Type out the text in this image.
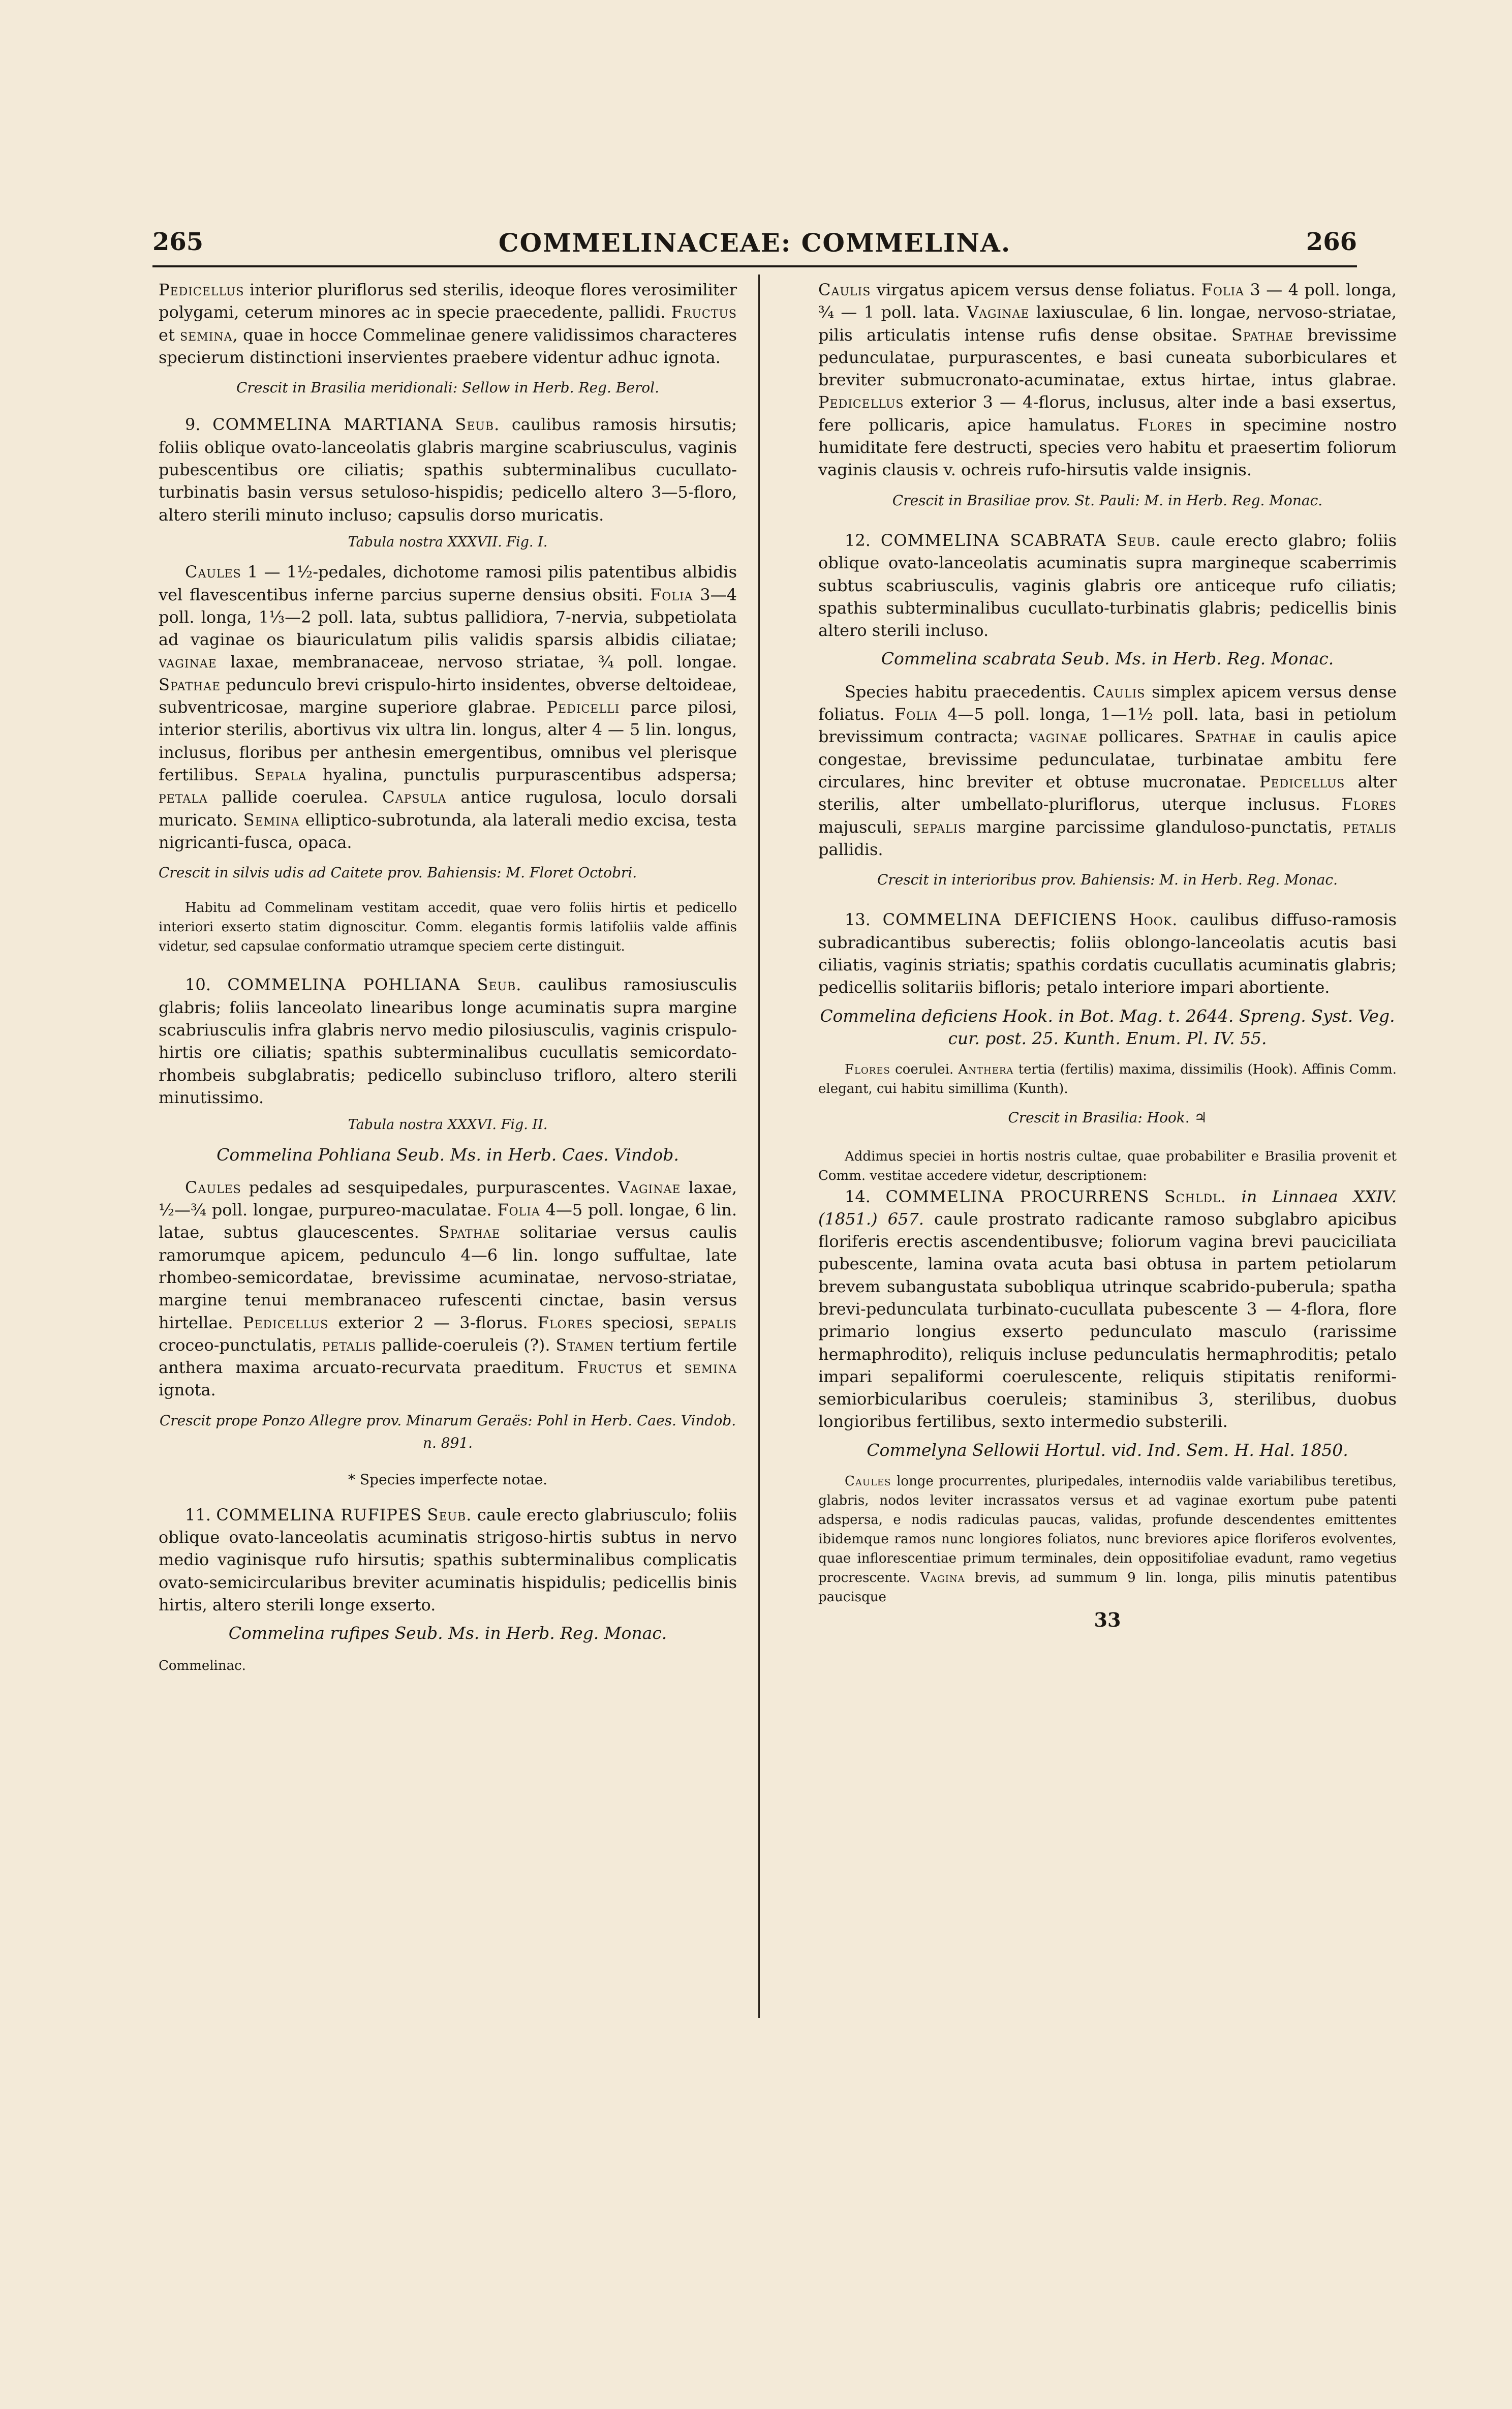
265	COMMELINACEAE: COMMELINA.	266

Pedicellus interior pluriflorus sed sterilis, ideoque flores verosimiliter polygami, ceterum minores ac in specie praecedente, pallidi. Fructus et semina, quae in hocce Commelinae genere validissimos characteres specierum distinctioni inservientes praebere videntur adhuc ignota.

Crescit in Brasilia meridionali: Sellow in Herb. Reg. Berol.

9. COMMELINA MARTIANA Seub. caulibus ramosis hirsutis; foliis oblique ovato-lanceolatis glabris margine scabriusculus, vaginis pubescentibus ore ciliatis; spathis subterminalibus cucullato-turbinatis basin versus setuloso-hispidis; pedicello altero 3—5-floro, altero sterili minuto incluso; capsulis dorso muricatis.

Tabula nostra XXXVII. Fig. I.

Caules 1 — 1½-pedales, dichotome ramosi pilis patentibus albidis vel flavescentibus inferne parcius superne densius obsiti. Folia 3—4 poll. longa, 1⅓—2 poll. lata, subtus pallidiora, 7-nervia, subpetiolata ad vaginae os biauriculatum pilis validis sparsis albidis ciliatae; vaginae laxae, membranaceae, nervoso striatae, ¾ poll. longae. Spathae pedunculo brevi crispulo-hirto insidentes, obverse deltoideae, subventricosae, margine superiore glabrae. Pedicelli parce pilosi, interior sterilis, abortivus vix ultra lin. longus, alter 4 — 5 lin. longus, inclusus, floribus per anthesin emergentibus, omnibus vel plerisque fertilibus. Sepala hyalina, punctulis purpurascentibus adspersa; petala pallide coerulea. Capsula antice rugulosa, loculo dorsali muricato. Semina ellipticо-subrotunda, ala laterali medio excisa, testa nigricanti-fusca, opaca.

Crescit in silvis udis ad Caitete prov. Bahiensis: M. Floret Octobri.

Habitu ad Commelinam vestitam accedit, quae vero foliis hirtis et pedicello interiori exserto statim dignoscitur. Comm. elegantis formis latifoliis valde affinis videtur, sed capsulae conformatio utramque speciem certe distinguit.

10. COMMELINA POHLIANA Seub. caulibus ramosiusculis glabris; foliis lanceolato linearibus longe acuminatis supra margine scabriusculis infra glabris nervo medio pilosiusculis, vaginis crispulo-hirtis ore ciliatis; spathis subterminalibus cucullatis semicordato-rhombeis subglabratis; pedicello subincluso trifloro, altero sterili minutissimo.

Tabula nostra XXXVI. Fig. II.

Commelina Pohliana Seub. Ms. in Herb. Caes. Vindob.

Caules pedales ad sesquipedales, purpurascentes. Vaginae laxae, ½—¾ poll. longae, purpureo-maculatae. Folia 4—5 poll. longae, 6 lin. latae, subtus glaucescentes. Spathae solitariae versus caulis ramorumque apicem, pedunculo 4—6 lin. longo suffultae, late rhombeo-semicordatae, brevissime acuminatae, nervoso-striatae, margine tenui membranaceo rufescenti cinctae, basin versus hirtellae. Pedicellus exterior 2 — 3-florus. Flores speciosi, sepalis croceo-punctulatis, petalis pallide-coeruleis (?). Stamen tertium fertile anthera maxima arcuato-recurvata praeditum. Fructus et semina ignota.

Crescit prope Ponzo Allegre prov. Minarum Geraës: Pohl in Herb. Caes. Vindob. n. 891.

* Species imperfecte notae.

11. COMMELINA RUFIPES Seub. caule erecto glabriusculo; foliis oblique ovato-lanceolatis acuminatis strigoso-hirtis subtus in nervo medio vaginisque rufo hirsutis; spathis subterminalibus complicatis ovato-semicircularibus breviter acuminatis hispidulis; pedicellis binis hirtis, altero sterili longe exserto.

Commelina rufipes Seub. Ms. in Herb. Reg. Monac.

Commelinac.

Caulis virgatus apicem versus dense foliatus. Folia 3 — 4 poll. longa, ¾ — 1 poll. lata. Vaginae laxiusculae, 6 lin. longae, nervoso-striatae, pilis articulatis intense rufis dense obsitae. Spathae brevissime pedunculatae, purpurascentes, e basi cuneata suborbiculares et breviter submucronato-acuminatae, extus hirtae, intus glabrae. Pedicellus exterior 3 — 4-florus, inclusus, alter inde a basi exsertus, fere pollicaris, apice hamulatus. Flores in specimine nostro humiditate fere destructi, species vero habitu et praesertim foliorum vaginis clausis v. ochreis rufo-hirsutis valde insignis.

Crescit in Brasiliae prov. St. Pauli: M. in Herb. Reg. Monac.

12. COMMELINA SCABRATA Seub. caule erecto glabro; foliis oblique ovato-lanceolatis acuminatis supra margineque scaberrimis subtus scabriusculis, vaginis glabris ore anticeque rufo ciliatis; spathis subterminalibus cucullato-turbinatis glabris; pedicellis binis altero sterili incluso.

Commelina scabrata Seub. Ms. in Herb. Reg. Monac.

Species habitu praecedentis. Caulis simplex apicem versus dense foliatus. Folia 4—5 poll. longa, 1—1½ poll. lata, basi in petiolum brevissimum contracta; vaginae pollicares. Spathae in caulis apice congestae, brevissime pedunculatae, turbinatae ambitu fere circulares, hinc breviter et obtuse mucronatae. Pedicellus alter sterilis, alter umbellato-pluriflorus, uterque inclusus. Flores majusculi, sepalis margine parcissime glanduloso-punctatis, petalis pallidis.

Crescit in interioribus prov. Bahiensis: M. in Herb. Reg. Monac.

13. COMMELINA DEFICIENS Hook. caulibus diffuso-ramosis subradicantibus suberectis; foliis oblongo-lanceolatis acutis basi ciliatis, vaginis striatis; spathis cordatis cucullatis acuminatis glabris; pedicellis solitariis bifloris; petalo interiore impari abortiente.

Commelina deficiens Hook. in Bot. Mag. t. 2644. Spreng. Syst. Veg. cur. post. 25. Kunth. Enum. Pl. IV. 55.

Flores coerulei. Anthera tertia (fertilis) maxima, dissimilis (Hook). Affinis Comm. elegant, cui habitu simillima (Kunth).

Crescit in Brasilia: Hook. ♃

Addimus speciei in hortis nostris cultae, quae probabiliter e Brasilia provenit et Comm. vestitae accedere videtur, descriptionem:

14. COMMELINA PROCURRENS Schldl. in Linnaea XXIV. (1851.) 657. caule prostrato radicante ramoso subglabro apicibus floriferis erectis ascendentibusve; foliorum vagina brevi pauciciliata pubescente, lamina ovata acuta basi obtusa in partem petiolarum brevem subangustata subobliqua utrinque scabrido-puberula; spatha brevi-pedunculata turbinato-cucullata pubescente 3 — 4-flora, flore primario longius exserto pedunculato masculo (rarissime hermaphrodito), reliquis incluse pedunculatis hermaphroditis; petalo impari sepaliformi coerulescente, reliquis stipitatis reniformi-semiorbicularibus coeruleis; staminibus 3, sterilibus, duobus longioribus fertilibus, sexto intermedio substerili.

Commelyna Sellowii Hortul. vid. Ind. Sem. H. Hal. 1850.

Caules longe procurrentes, pluripedales, internodiis valde variabilibus teretibus, glabris, nodos leviter incrassatos versus et ad vaginae exortum pube patenti adspersa, e nodis radiculas paucas, validas, profunde descendentes emittentes ibidemque ramos nunc longiores foliatos, nunc breviores apice floriferos evolventes, quae inflorescentiae primum terminales, dein oppositifoliae evadunt, ramo vegetius procrescente. Vagina brevis, ad summum 9 lin. longa, pilis minutis patentibus paucisque

33
